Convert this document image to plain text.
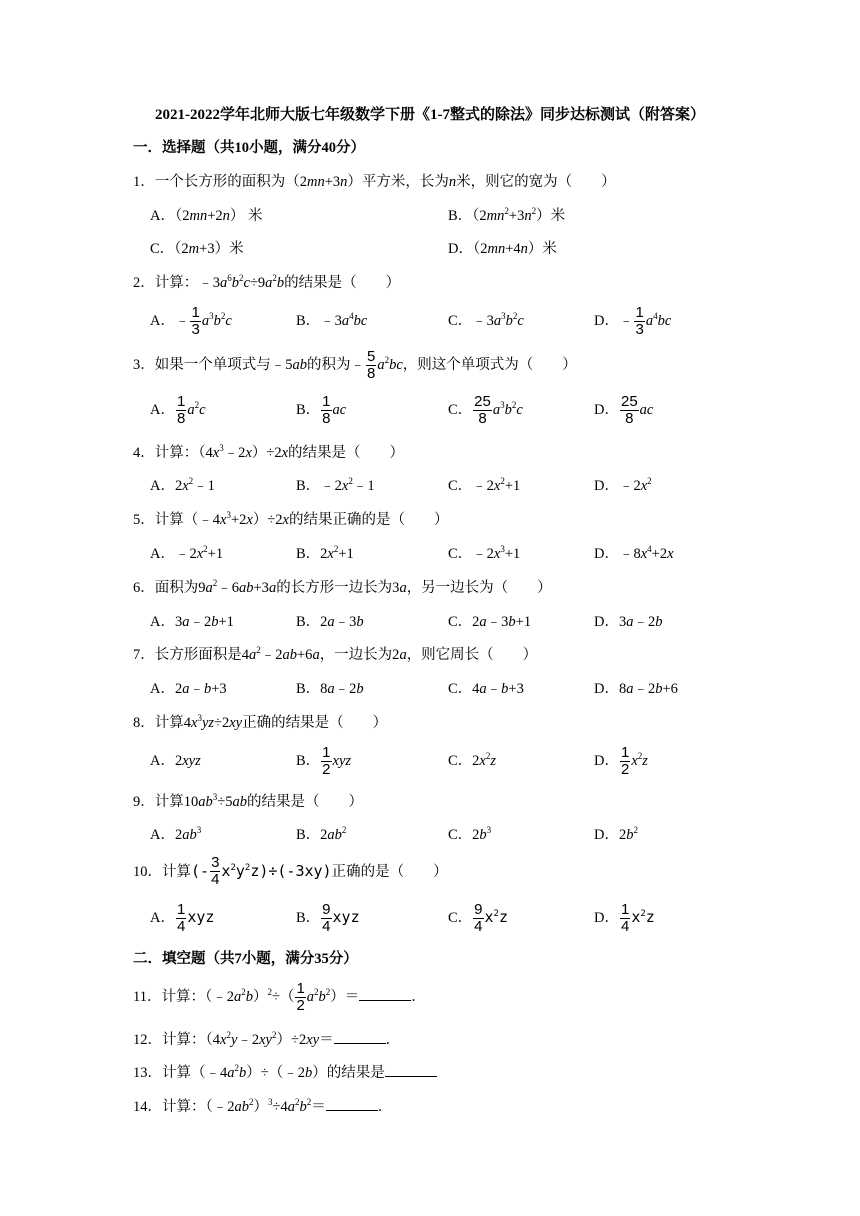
2021-2022学年北师大版七年级数学下册《1-7整式的除法》同步达标测试（附答案）
一．选择题（共10小题，满分40分）
1．一个长方形的面积为（2mn+3n）平方米，长为n米，则它的宽为（　　）
A．（2mn+2n） 米	B．$(2mn^2+3n^2)$米
C．（2m+3）米	D．（2mn+4n）米
2．计算：$﹣3a^6b^2c\div 9a^2b$的结果是（　　）
A．﹣ $\frac{1}{3} a^3b^2c$	B．$﹣3a^4bc$	C．$﹣3a^3b^2c$	D．﹣ $\frac{1}{3} a^4bc$
3．如果一个单项式与﹣5ab的积为﹣ $\frac{5}{8} a^2bc$，则这个单项式为（　　）
A． $\frac{1}{8} a^2c$	B． $\frac{1}{8}$ ac	C． $\frac{25}{8} a^3b^2c$	D． $\frac{25}{8}$ ac
4．计算：$(4x^3﹣2x)\div 2x$的结果是（　　）
A．$2x^2﹣1$	B．$﹣2x^2﹣1$	C．$﹣2x^2+1$	D．$﹣2x^2$
5．计算$(﹣4x^3+2x)\div 2x$的结果正确的是（　　）
A．$﹣2x^2+1$	B．$2x^2+1$	C．$﹣2x^3+1$	D．$﹣8x^4+2x$
6．面积为$9a^2﹣6ab+3a$的长方形一边长为3a，另一边长为（　　）
A．3a﹣2b+1	B．2a﹣3b	C．2a﹣3b+1	D．3a﹣2b
7．长方形面积是$4a^2﹣2ab+6a$，一边长为2a，则它周长（　　）
A．2a﹣b+3	B．8a﹣2b	C．4a﹣b+3	D．8a﹣2b+6
8．计算$4x^3yz\div 2xy$正确的结果是（　　）
A．2xyz	B． $\frac{1}{2}$ xyz	C．$2x^2z$	D． $\frac{1}{2} x^2z$
9．计算$10ab^3\div 5ab$的结果是（　　）
A．$2ab^3$	B．$2ab^2$	C．$2b^3$	D．$2b^2$
10．计算(- $\frac{3}{4} x^2y^2z)\div(-3xy)$正确的是（　　）
A． $\frac{1}{4}$ xyz	B． $\frac{9}{4}$ xyz	C． $\frac{9}{4} x^2z$	D． $\frac{1}{4} x^2z$
二．填空题（共7小题，满分35分）
11．计算：$(﹣2a^2b)^2\div( \frac{1}{2} a^2b^2)=$	．
12．计算：$(4x^2y﹣2xy^2)\div 2xy=$	．
13．计算$(﹣4a^2b)\div(﹣2b)$的结果是
14．计算：$(﹣2ab^2)^3\div 4a^2b^2=$	．
